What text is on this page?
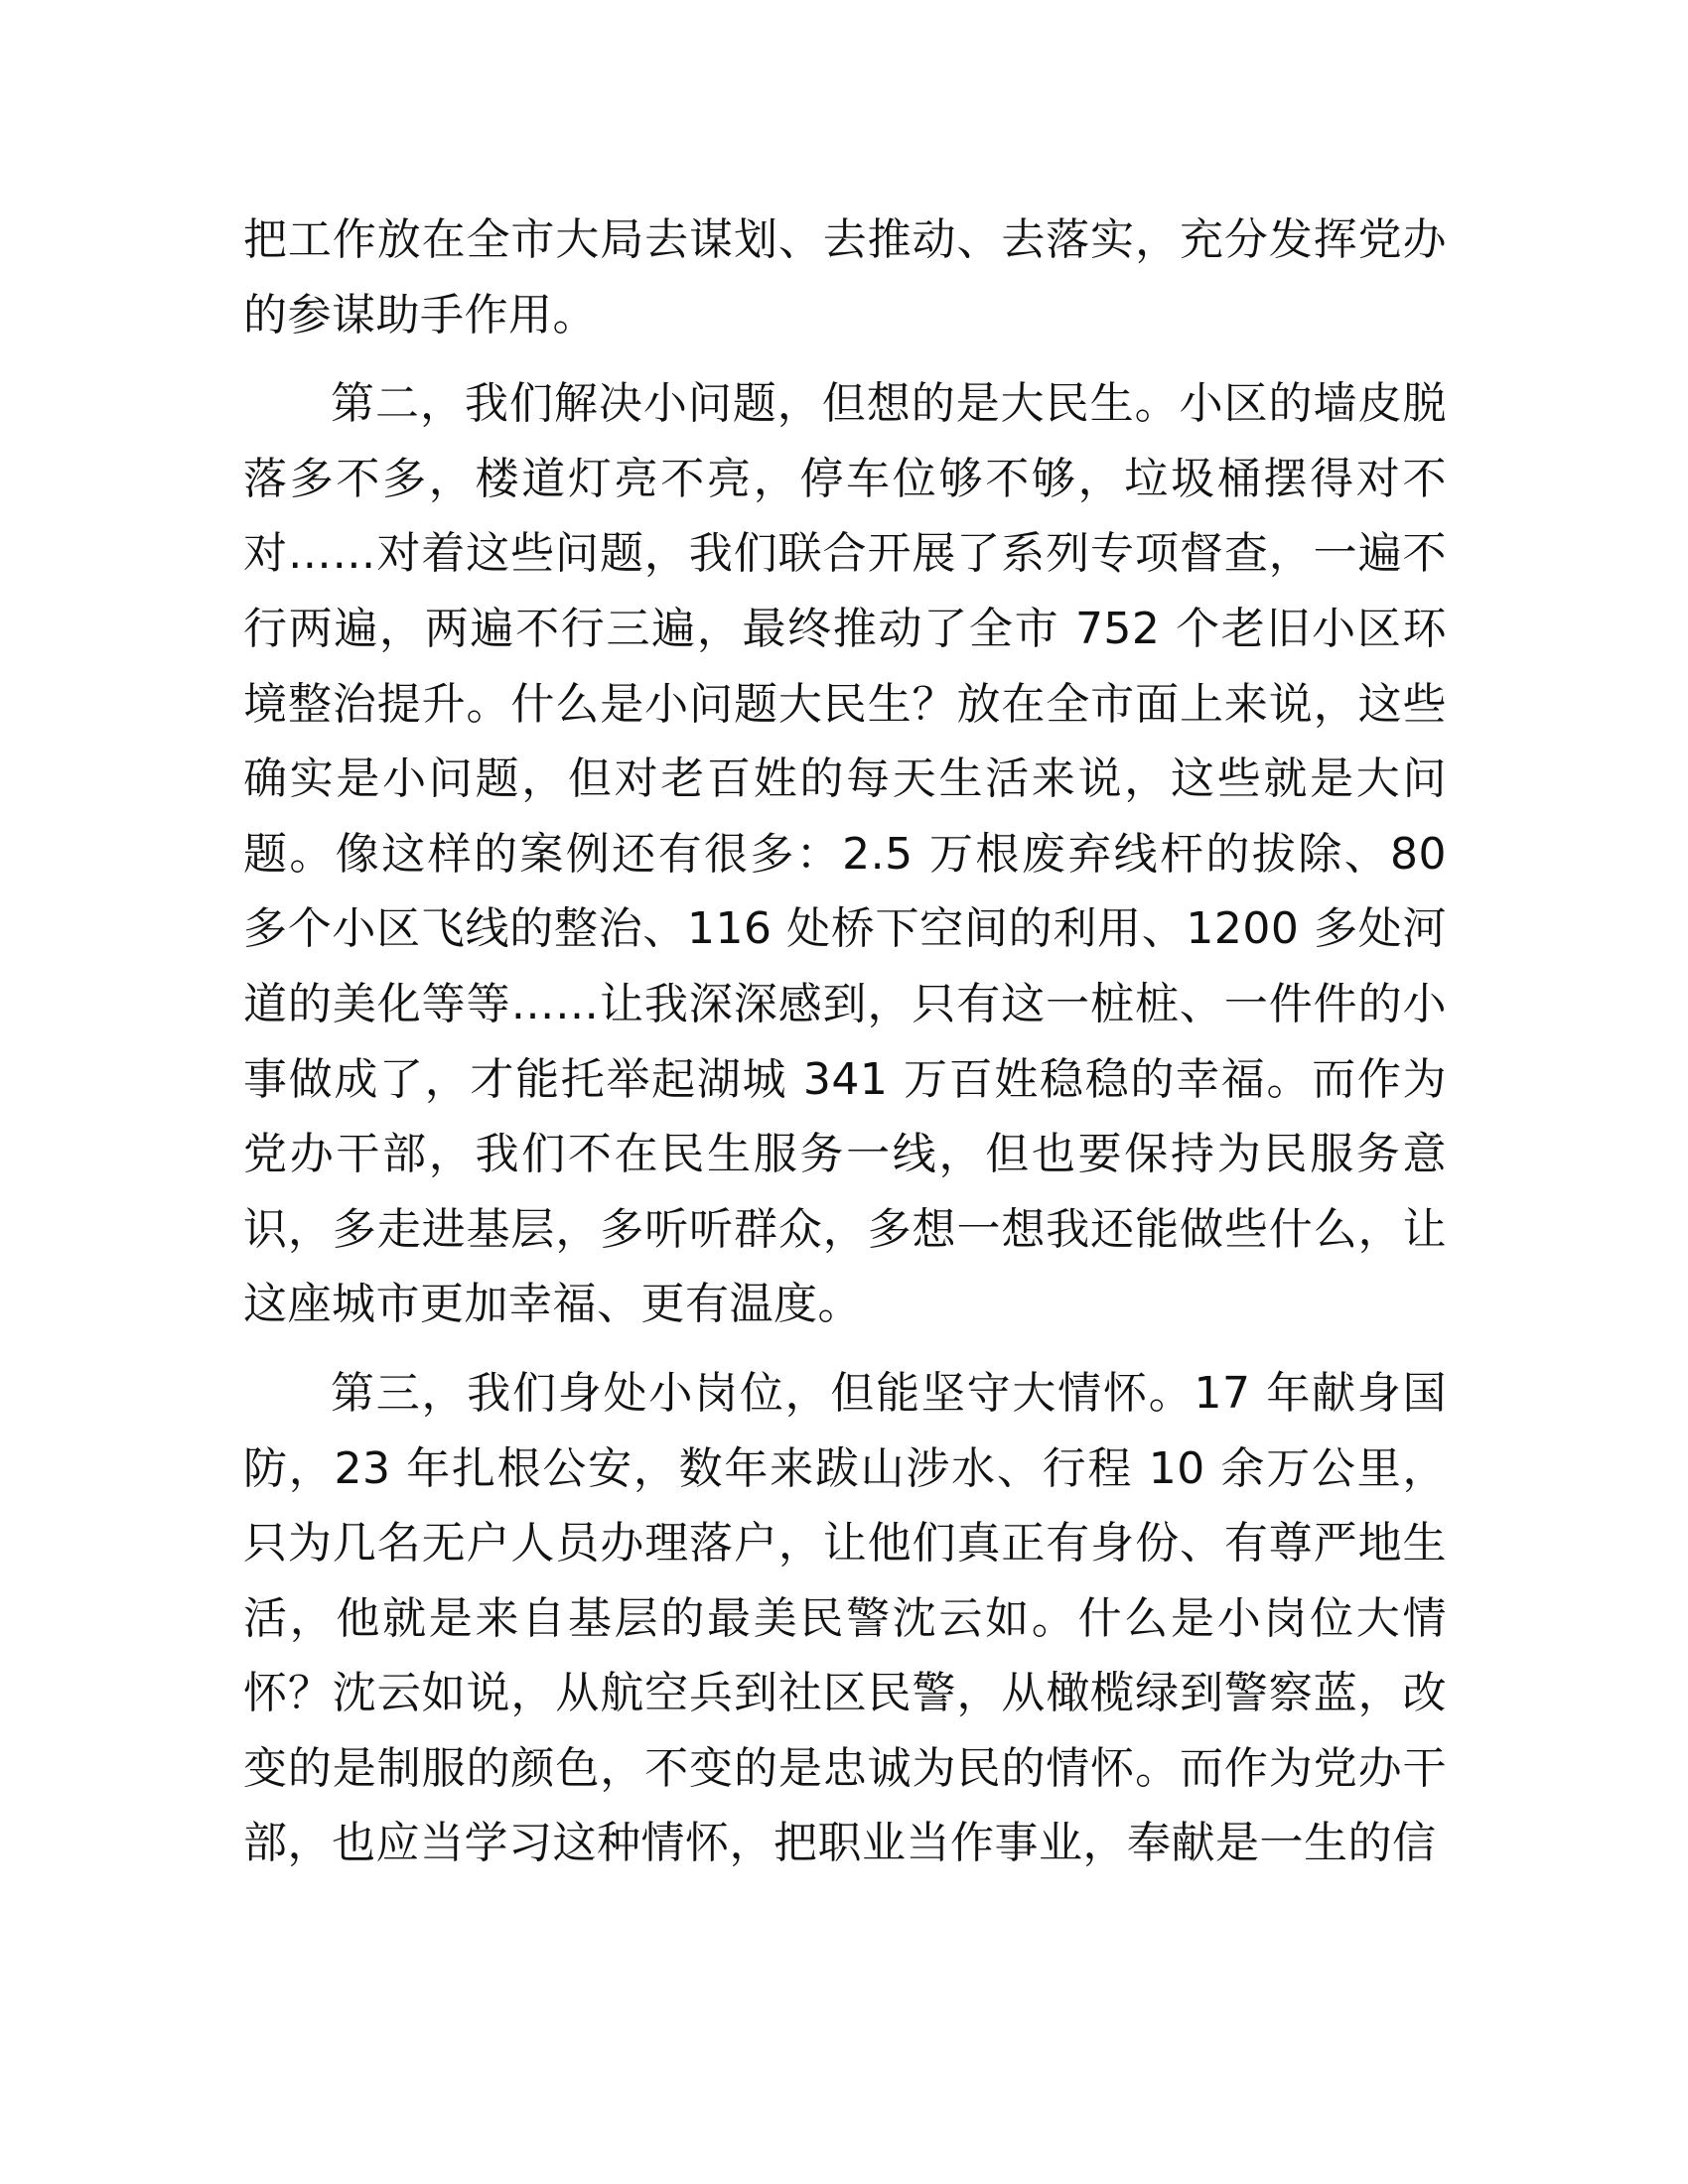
把工作放在全市大局去谋划、去推动、去落实，充分发挥党办的参谋助手作用。

第二，我们解决小问题，但想的是大民生。小区的墙皮脱落多不多，楼道灯亮不亮，停车位够不够，垃圾桶摆得对不对……对着这些问题，我们联合开展了系列专项督查，一遍不行两遍，两遍不行三遍，最终推动了全市 752 个老旧小区环境整治提升。什么是小问题大民生？放在全市面上来说，这些确实是小问题，但对老百姓的每天生活来说，这些就是大问题。像这样的案例还有很多：2.5 万根废弃线杆的拔除、80 多个小区飞线的整治、116 处桥下空间的利用、1200 多处河道的美化等等……让我深深感到，只有这一桩桩、一件件的小事做成了，才能托举起湖城 341 万百姓稳稳的幸福。而作为党办干部，我们不在民生服务一线，但也要保持为民服务意识，多走进基层，多听听群众，多想一想我还能做些什么，让这座城市更加幸福、更有温度。

第三，我们身处小岗位，但能坚守大情怀。17 年献身国防，23 年扎根公安，数年来跋山涉水、行程 10 余万公里，只为几名无户人员办理落户，让他们真正有身份、有尊严地生活，他就是来自基层的最美民警沈云如。什么是小岗位大情怀？沈云如说，从航空兵到社区民警，从橄榄绿到警察蓝，改变的是制服的颜色，不变的是忠诚为民的情怀。而作为党办干部，也应当学习这种情怀，把职业当作事业，奉献是一生的信
